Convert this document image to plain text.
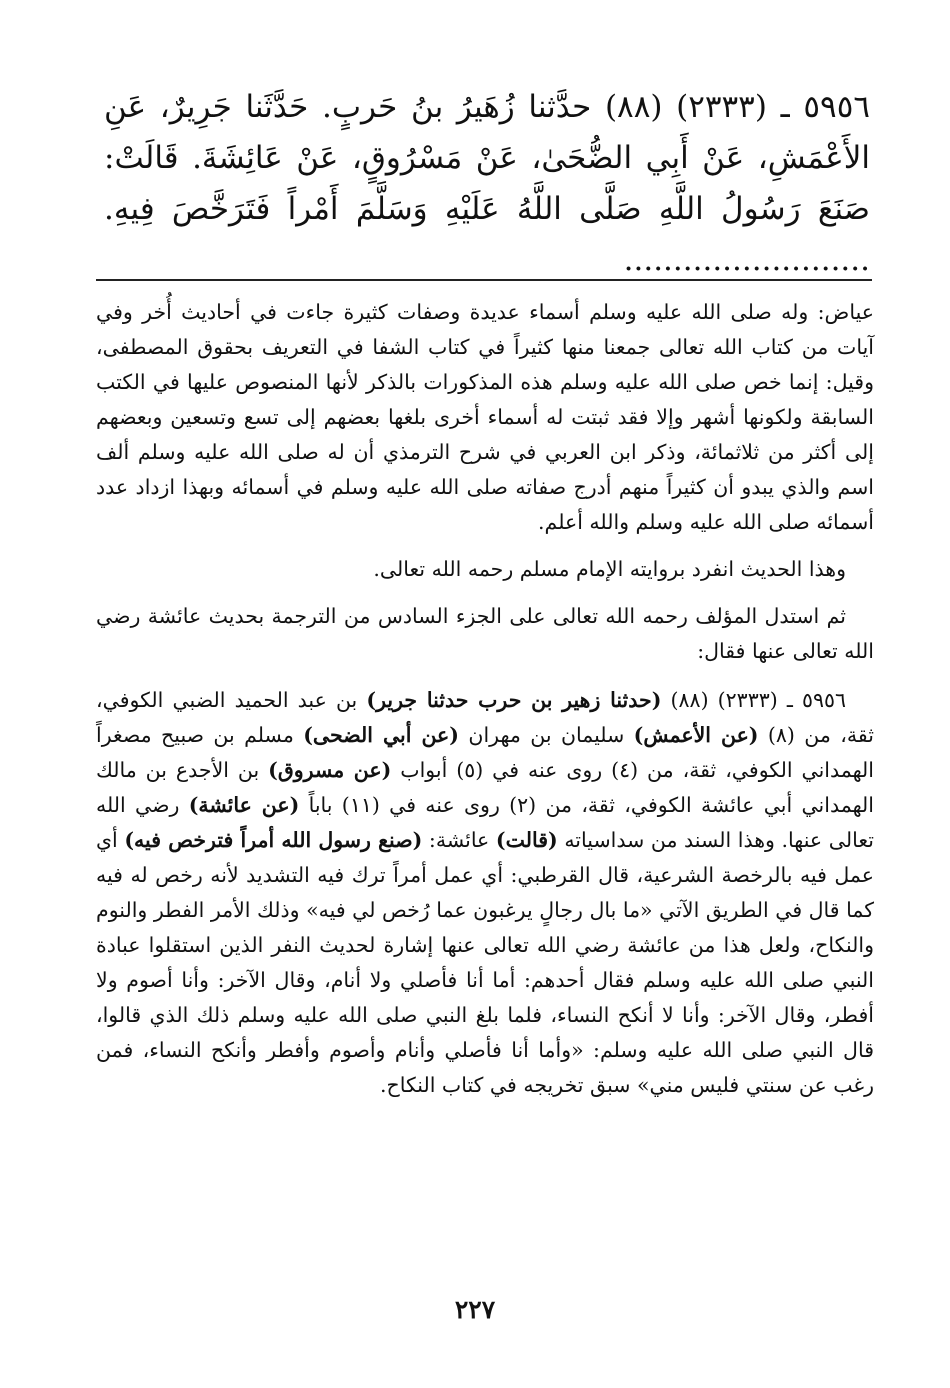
٥٩٥٦ ـ (٢٣٣٣) (٨٨) حدَّثنا زُهَيرُ بنُ حَربٍ. حَدَّثَنا جَرِيرٌ، عَنِ الأَعْمَشِ، عَنْ أَبِي الضُّحَىٰ، عَنْ مَسْرُوقٍ، عَنْ عَائِشَةَ. قَالَتْ: صَنَعَ رَسُولُ اللَّهِ صَلَّى اللَّهُ عَلَيْهِ وَسَلَّمَ أَمْراً فَتَرَخَّصَ فِيهِ. .........................

عياض: وله صلى الله عليه وسلم أسماء عديدة وصفات كثيرة جاءت في أحاديث أُخر وفي آيات من كتاب الله تعالى جمعنا منها كثيراً في كتاب الشفا في التعريف بحقوق المصطفى، وقيل: إنما خص صلى الله عليه وسلم هذه المذكورات بالذكر لأنها المنصوص عليها في الكتب السابقة ولكونها أشهر وإلا فقد ثبتت له أسماء أخرى بلغها بعضهم إلى تسع وتسعين وبعضهم إلى أكثر من ثلاثمائة، وذكر ابن العربي في شرح الترمذي أن له صلى الله عليه وسلم ألف اسم والذي يبدو أن كثيراً منهم أدرج صفاته صلى الله عليه وسلم في أسمائه وبهذا ازداد عدد أسمائه صلى الله عليه وسلم والله أعلم.

وهذا الحديث انفرد بروايته الإمام مسلم رحمه الله تعالى.

ثم استدل المؤلف رحمه الله تعالى على الجزء السادس من الترجمة بحديث عائشة رضي الله تعالى عنها فقال:

٥٩٥٦ ـ (٢٣٣٣) (٨٨) (حدثنا زهير بن حرب حدثنا جرير) بن عبد الحميد الضبي الكوفي، ثقة، من (٨) (عن الأعمش) سليمان بن مهران (عن أبي الضحى) مسلم بن صبيح مصغراً الهمداني الكوفي، ثقة، من (٤) روى عنه في (٥) أبواب (عن مسروق) بن الأجدع بن مالك الهمداني أبي عائشة الكوفي، ثقة، من (٢) روى عنه في (١١) باباً (عن عائشة) رضي الله تعالى عنها. وهذا السند من سداسياته (قالت) عائشة: (صنع رسول الله أمراً فترخص فيه) أي عمل فيه بالرخصة الشرعية، قال القرطبي: أي عمل أمراً ترك فيه التشديد لأنه رخص له فيه كما قال في الطريق الآتي «ما بال رجالٍ يرغبون عما رُخص لي فيه» وذلك الأمر الفطر والنوم والنكاح، ولعل هذا من عائشة رضي الله تعالى عنها إشارة لحديث النفر الذين استقلوا عبادة النبي صلى الله عليه وسلم فقال أحدهم: أما أنا فأصلي ولا أنام، وقال الآخر: وأنا أصوم ولا أفطر، وقال الآخر: وأنا لا أنكح النساء، فلما بلغ النبي صلى الله عليه وسلم ذلك الذي قالوا، قال النبي صلى الله عليه وسلم: «وأما أنا فأصلي وأنام وأصوم وأفطر وأنكح النساء، فمن رغب عن سنتي فليس مني» سبق تخريجه في كتاب النكاح.

٢٢٧
